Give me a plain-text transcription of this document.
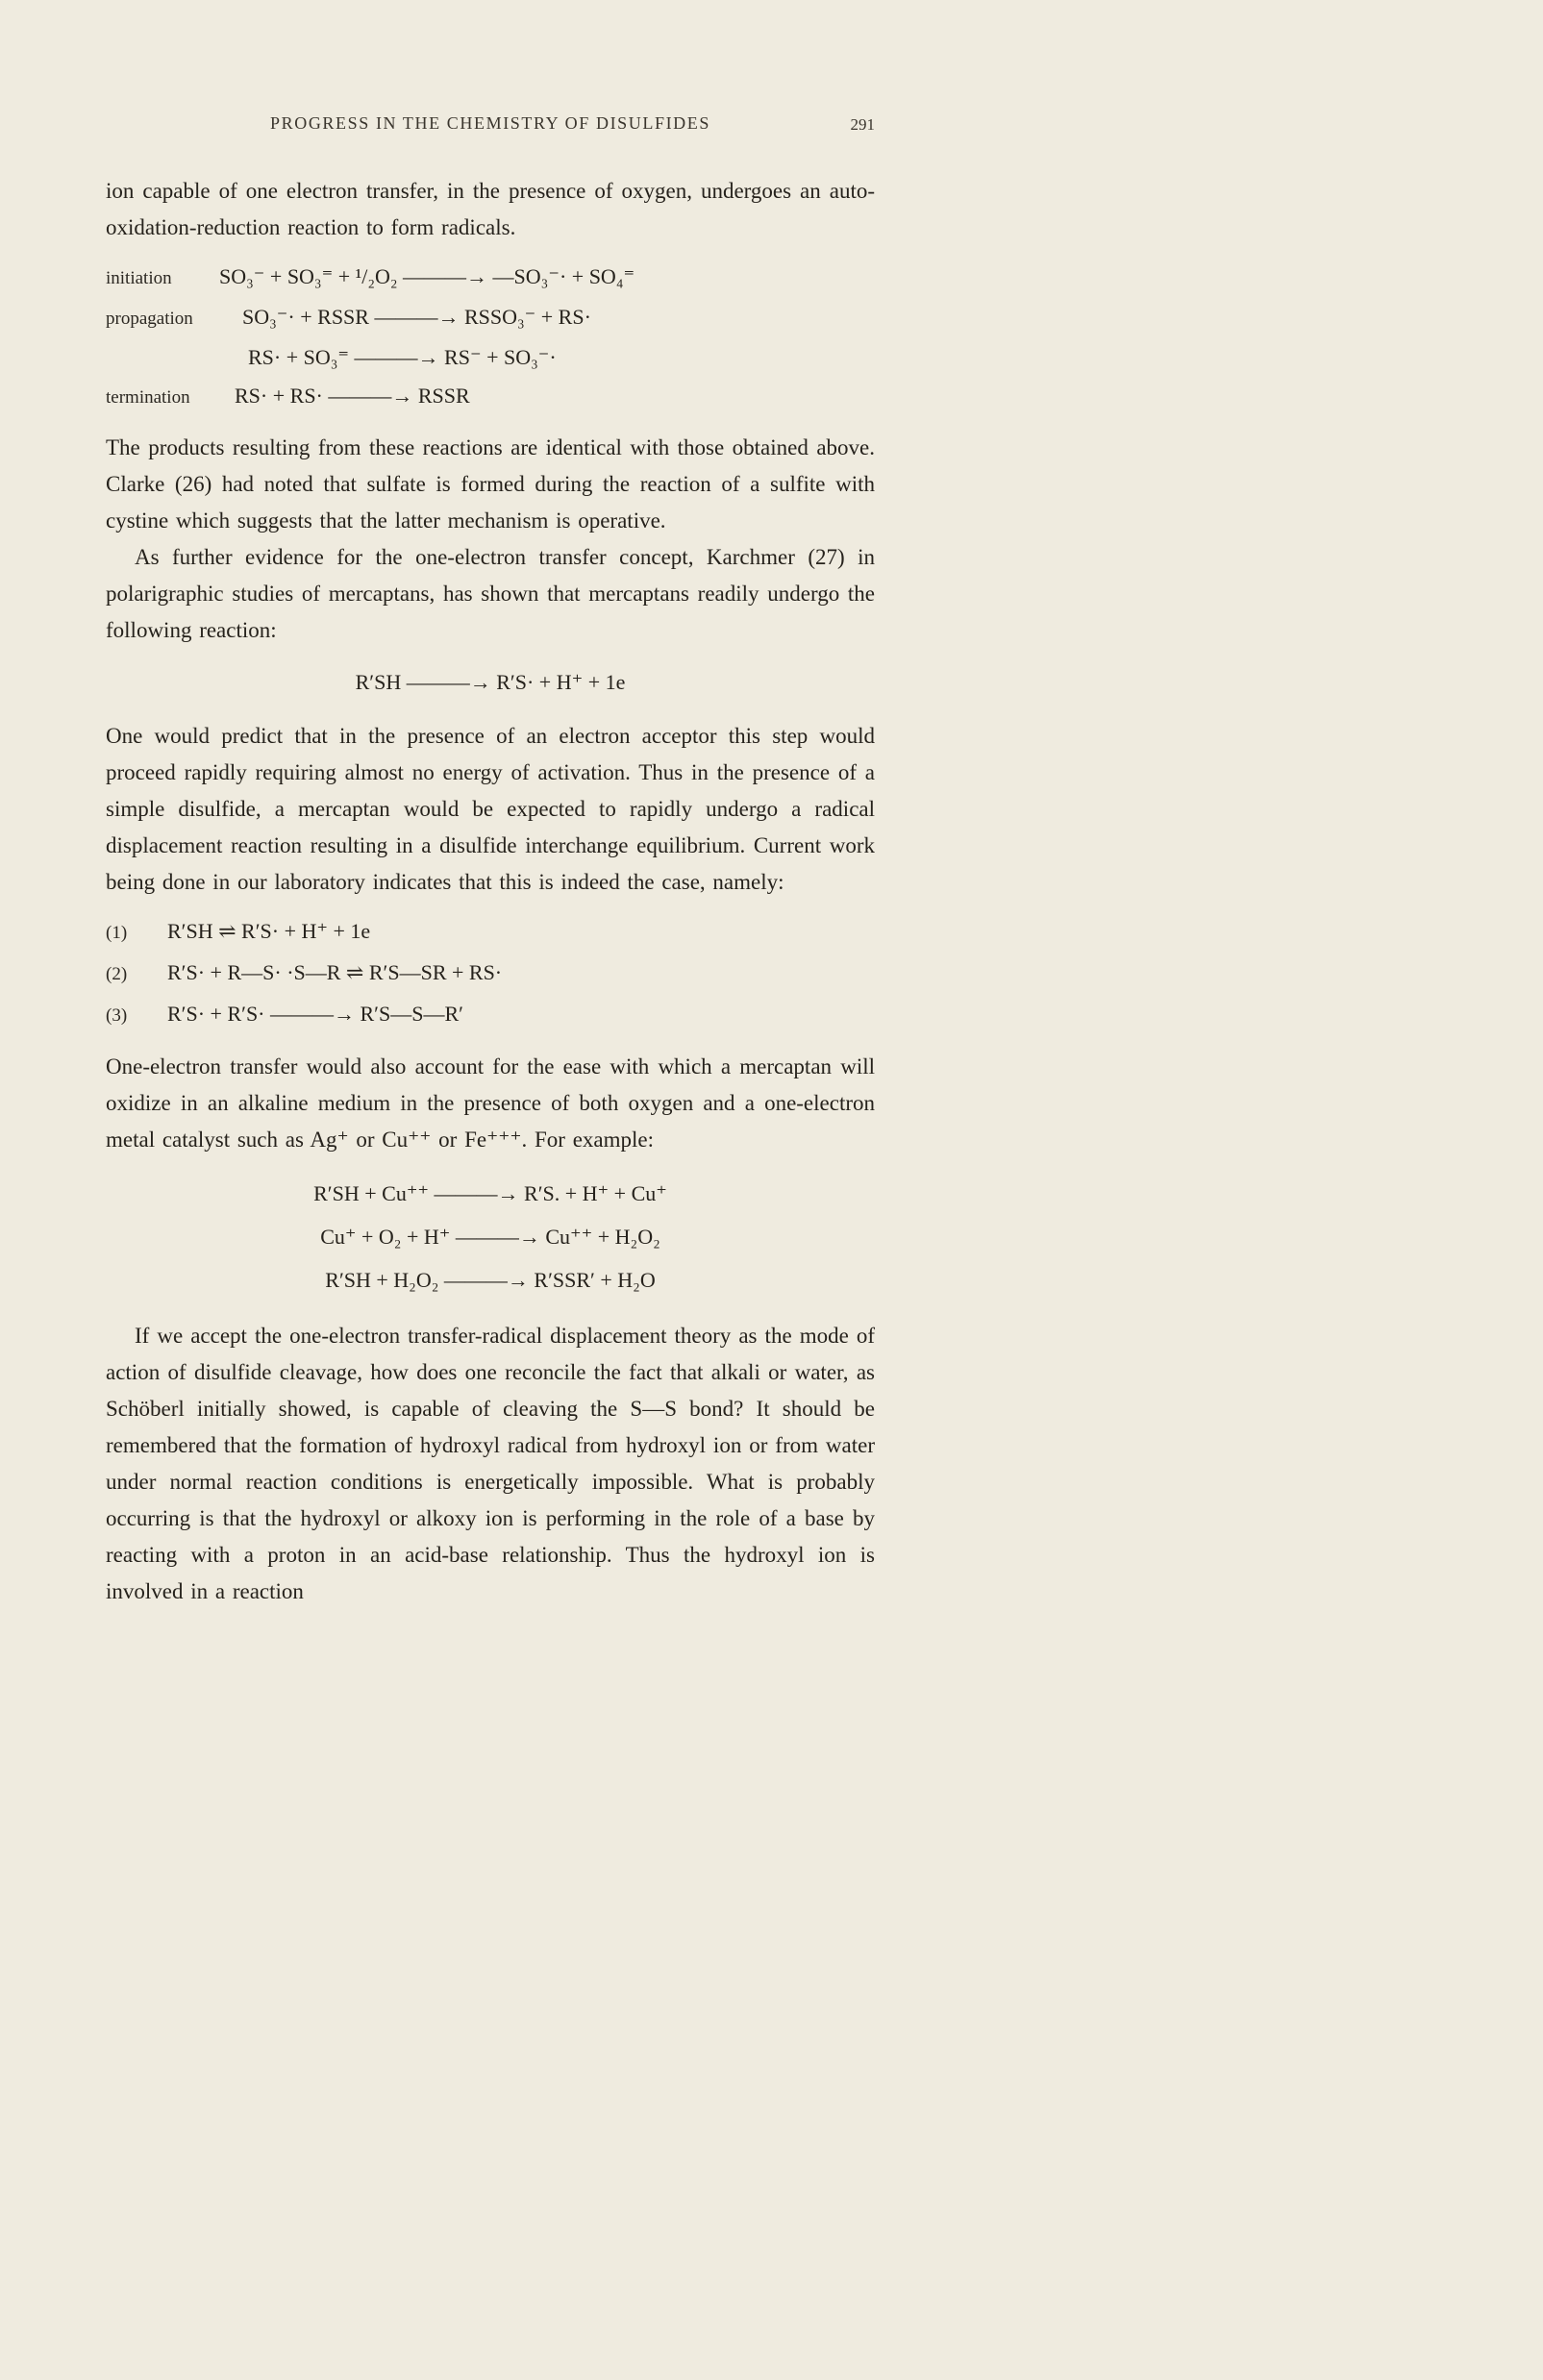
PROGRESS IN THE CHEMISTRY OF DISULFIDES	291

ion capable of one electron transfer, in the presence of oxygen, undergoes an auto-oxidation-reduction reaction to form radicals.

initiation	SO₃⁻ + SO₃⁼ + ¹/₂O₂ ———→ —SO₃⁻· + SO₄⁼
propagation	SO₃⁻· + RSSR ———→ RSSO₃⁻ + RS·
RS· + SO₃⁼ ———→ RS⁻ + SO₃⁻·
termination	RS· + RS· ———→ RSSR

The products resulting from these reactions are identical with those obtained above. Clarke (26) had noted that sulfate is formed during the reaction of a sulfite with cystine which suggests that the latter mechanism is operative.

As further evidence for the one-electron transfer concept, Karchmer (27) in polarigraphic studies of mercaptans, has shown that mercaptans readily undergo the following reaction:

R′SH ———→ R′S· + H⁺ + 1e

One would predict that in the presence of an electron acceptor this step would proceed rapidly requiring almost no energy of activation. Thus in the presence of a simple disulfide, a mercaptan would be expected to rapidly undergo a radical displacement reaction resulting in a disulfide interchange equilibrium. Current work being done in our laboratory indicates that this is indeed the case, namely:

(1)	R′SH ⇌ R′S· + H⁺ + 1e
(2)	R′S· + R—S· ·S—R ⇌ R′S—SR + RS·
(3)	R′S· + R′S· ———→ R′S—S—R′

One-electron transfer would also account for the ease with which a mercaptan will oxidize in an alkaline medium in the presence of both oxygen and a one-electron metal catalyst such as Ag⁺ or Cu⁺⁺ or Fe⁺⁺⁺. For example:

R′SH + Cu⁺⁺ ———→ R′S. + H⁺ + Cu⁺
Cu⁺ + O₂ + H⁺ ———→ Cu⁺⁺ + H₂O₂
R′SH + H₂O₂ ———→ R′SSR′ + H₂O

If we accept the one-electron transfer-radical displacement theory as the mode of action of disulfide cleavage, how does one reconcile the fact that alkali or water, as Schöberl initially showed, is capable of cleaving the S—S bond? It should be remembered that the formation of hydroxyl radical from hydroxyl ion or from water under normal reaction conditions is energetically impossible. What is probably occurring is that the hydroxyl or alkoxy ion is performing in the role of a base by reacting with a proton in an acid-base relationship. Thus the hydroxyl ion is involved in a reaction
